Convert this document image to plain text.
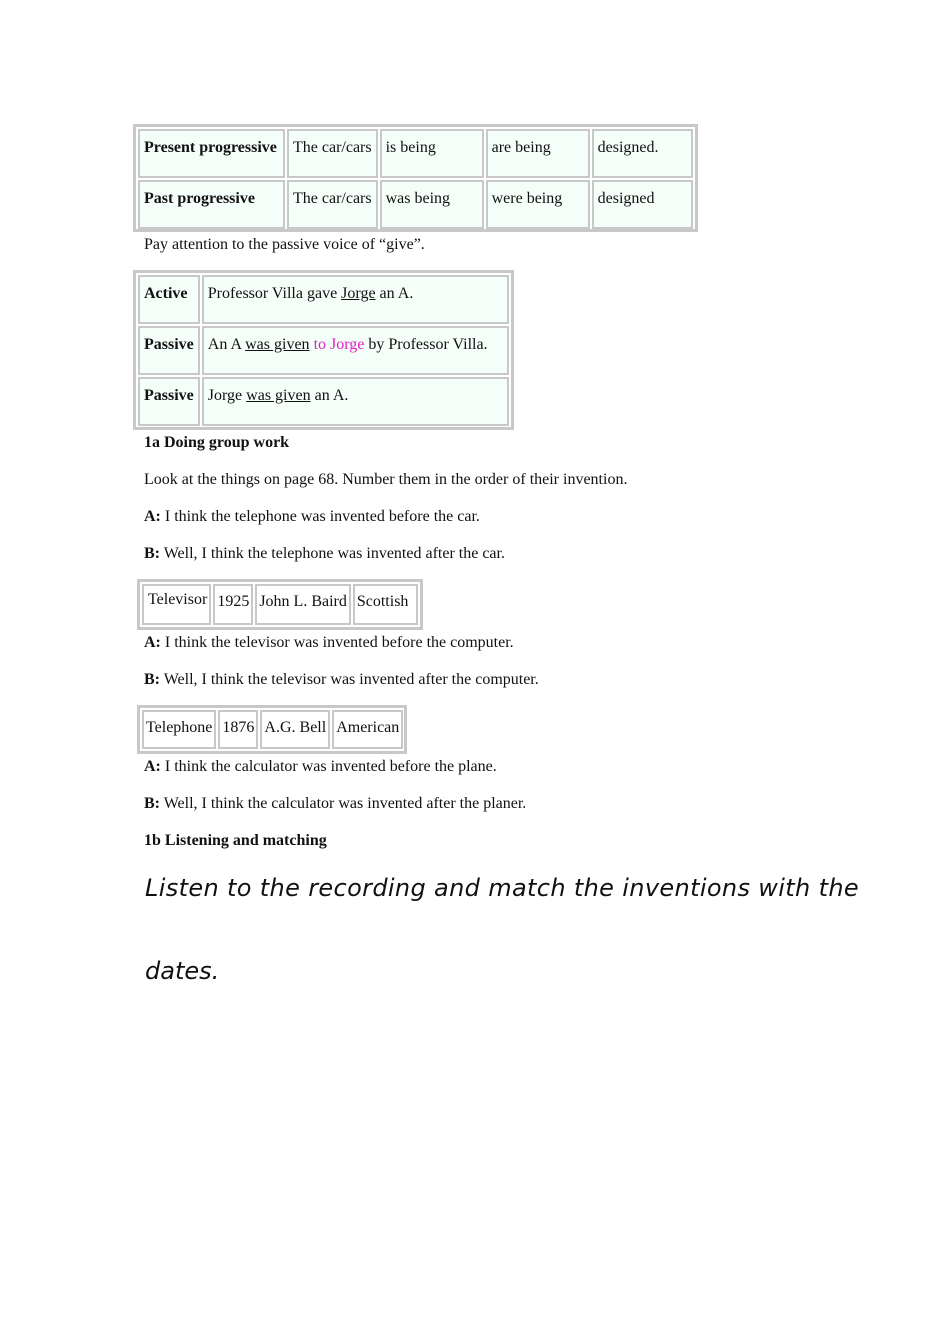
Present progressive	The car/cars	is being	are being	designed.
Past progressive	The car/cars	was being	were being	designed

Pay attention to the passive voice of “give”.

Active	Professor Villa gave Jorge an A.
Passive	An A was given to Jorge by Professor Villa.
Passive	Jorge was given an A.

1a Doing group work

Look at the things on page 68. Number them in the order of their invention.

A: I think the telephone was invented before the car.

B: Well, I think the telephone was invented after the car.

Televisor	1925	John L. Baird	Scottish

A: I think the televisor was invented before the computer.

B: Well, I think the televisor was invented after the computer.

Telephone	1876	A.G. Bell	American

A: I think the calculator was invented before the plane.

B: Well, I think the calculator was invented after the planer.

1b Listening and matching

Listen to the recording and match the inventions with the
dates.
